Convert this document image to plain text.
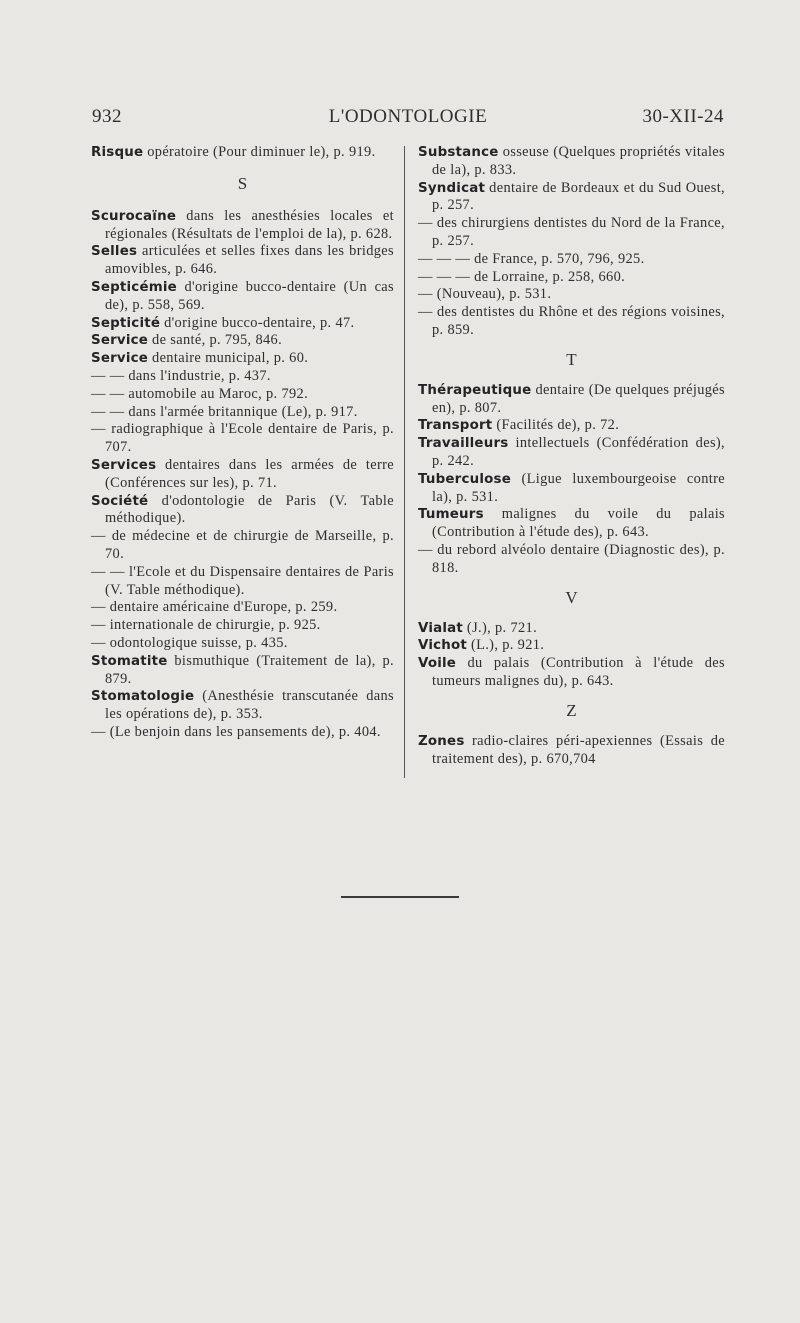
932	L'ODONTOLOGIE	30-XII-24
Risque opératoire (Pour diminuer le), p. 919.
S
Scurocaïne dans les anesthésies locales et régionales (Résultats de l'emploi de la), p. 628.
Selles articulées et selles fixes dans les bridges amovibles, p. 646.
Septicémie d'origine bucco-dentaire (Un cas de), p. 558, 569.
Septicité d'origine bucco-dentaire, p. 47.
Service de santé, p. 795, 846.
Service dentaire municipal, p. 60.
— — dans l'industrie, p. 437.
— — automobile au Maroc, p. 792.
— — dans l'armée britannique (Le), p. 917.
— radiographique à l'Ecole dentaire de Paris, p. 707.
Services dentaires dans les armées de terre (Conférences sur les), p. 71.
Société d'odontologie de Paris (V. Table méthodique).
— de médecine et de chirurgie de Marseille, p. 70.
— — l'Ecole et du Dispensaire dentaires de Paris (V. Table méthodique).
— dentaire américaine d'Europe, p. 259.
— internationale de chirurgie, p. 925.
— odontologique suisse, p. 435.
Stomatite bismuthique (Traitement de la), p. 879.
Stomatologie (Anesthésie transcutanée dans les opérations de), p. 353.
— (Le benjoin dans les pansements de), p. 404.
Substance osseuse (Quelques propriétés vitales de la), p. 833.
Syndicat dentaire de Bordeaux et du Sud Ouest, p. 257.
— des chirurgiens dentistes du Nord de la France, p. 257.
— — — de France, p. 570, 796, 925.
— — — de Lorraine, p. 258, 660.
— (Nouveau), p. 531.
— des dentistes du Rhône et des régions voisines, p. 859.
T
Thérapeutique dentaire (De quelques préjugés en), p. 807.
Transport (Facilités de), p. 72.
Travailleurs intellectuels (Confédération des), p. 242.
Tuberculose (Ligue luxembourgeoise contre la), p. 531.
Tumeurs malignes du voile du palais (Contribution à l'étude des), p. 643.
— du rebord alvéolo dentaire (Diagnostic des), p. 818.
V
Vialat (J.), p. 721.
Vichot (L.), p. 921.
Voile du palais (Contribution à l'étude des tumeurs malignes du), p. 643.
Z
Zones radio-claires péri-apexiennes (Essais de traitement des), p. 670,704
